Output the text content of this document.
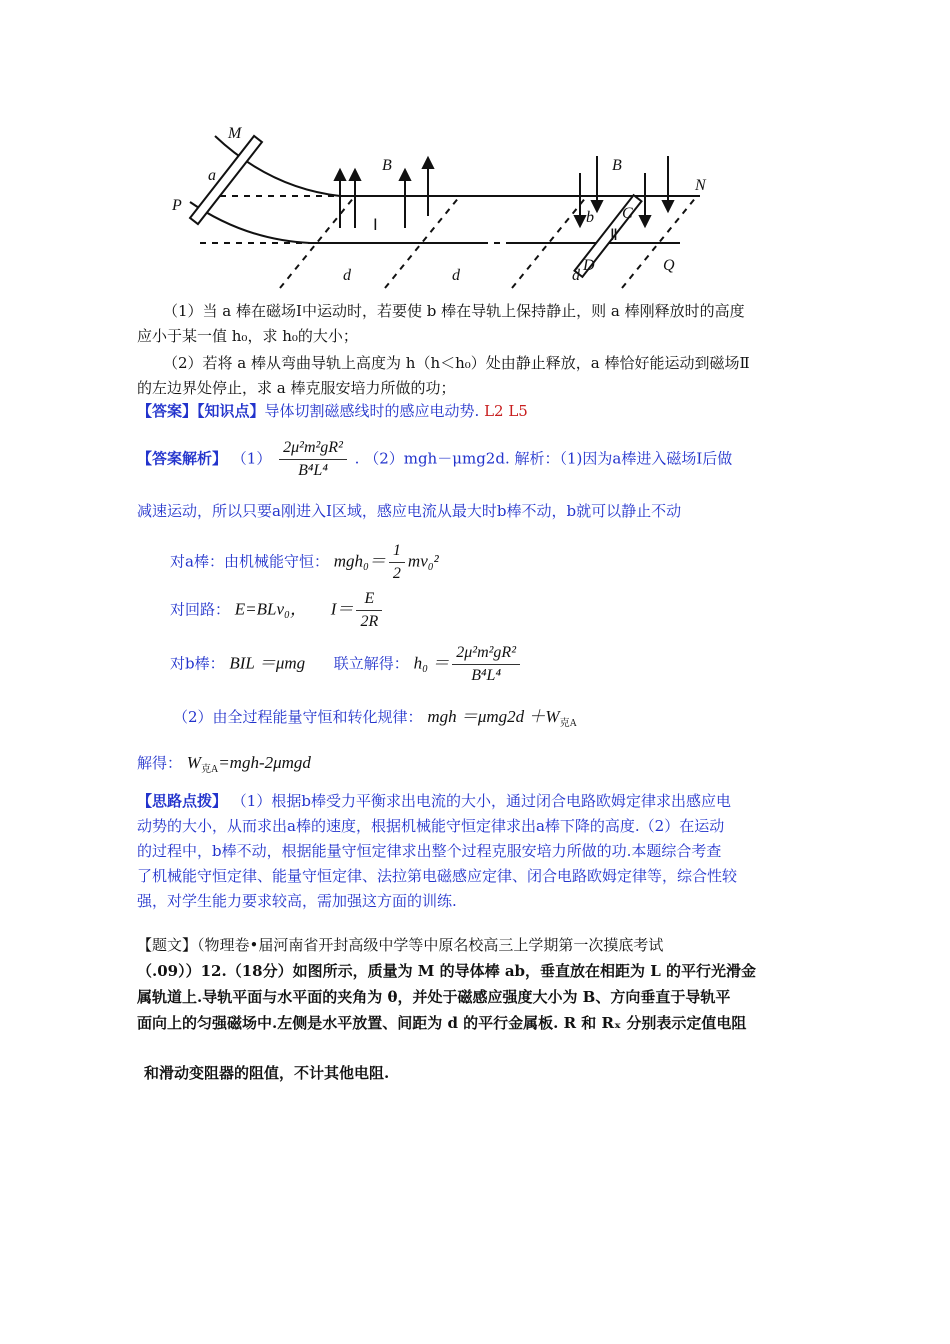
M
a
P
B
Ⅰ
B
b C
Ⅱ
N
D	Q
d	d	d
（1）当 a 棒在磁场Ⅰ中运动时，若要使 b 棒在导轨上保持静止，则 a 棒刚释放时的高度
应小于某一值 h₀，求 h₀的大小；
（2）若将 a 棒从弯曲导轨上高度为 h（h＜h₀）处由静止释放，a 棒恰好能运动到磁场Ⅱ
的左边界处停止，求 a 棒克服安培力所做的功；
【答案】【知识点】导体切割磁感线时的感应电动势. L2 L5
【答案解析】 $(1) \frac{\text{2μ²m²gR²}}{\text{B⁴L⁴}}$ . （2）mgh－μmg2d. 解析：（1)因为a棒进入磁场Ⅰ后做
减速运动，所以只要a刚进入Ⅰ区域，感应电流从最大时b棒不动，b就可以静止不动
对a棒：由机械能守恒： $mgh_0= \frac{1}{2} mv_0^2$
对回路： E=BLv₀， $I= \frac{E}{2R}$
对b棒： BIL ＝μmg 联立解得： $h_0 = \frac{\text{2μ²m²gR²}}{\text{B⁴L⁴}}$
（2）由全过程能量守恒和转化规律： mgh $=\mu mg2d +W_{克A}$
解得： $W_{克A}=mgh-2\mu mgd$
【思路点拨】 （1）根据b棒受力平衡求出电流的大小，通过闭合电路欧姆定律求出感应电
动势的大小，从而求出a棒的速度，根据机械能守恒定律求出a棒下降的高度.（2）在运动
的过程中，b棒不动，根据能量守恒定律求出整个过程克服安培力所做的功.本题综合考查
了机械能守恒定律、能量守恒定律、法拉第电磁感应定律、闭合电路欧姆定律等，综合性较
强，对学生能力要求较高，需加强这方面的训练.
【题文】（物理卷•届河南省开封高级中学等中原名校高三上学期第一次摸底考试
（.09））12.（18分）如图所示，质量为 M 的导体棒 ab，垂直放在相距为 L 的平行光滑金
属轨道上.导轨平面与水平面的夹角为 θ，并处于磁感应强度大小为 B、方向垂直于导轨平
面向上的匀强磁场中.左侧是水平放置、间距为 d 的平行金属板. R 和 Rₓ 分别表示定值电阻
和滑动变阻器的阻值，不计其他电阻.
